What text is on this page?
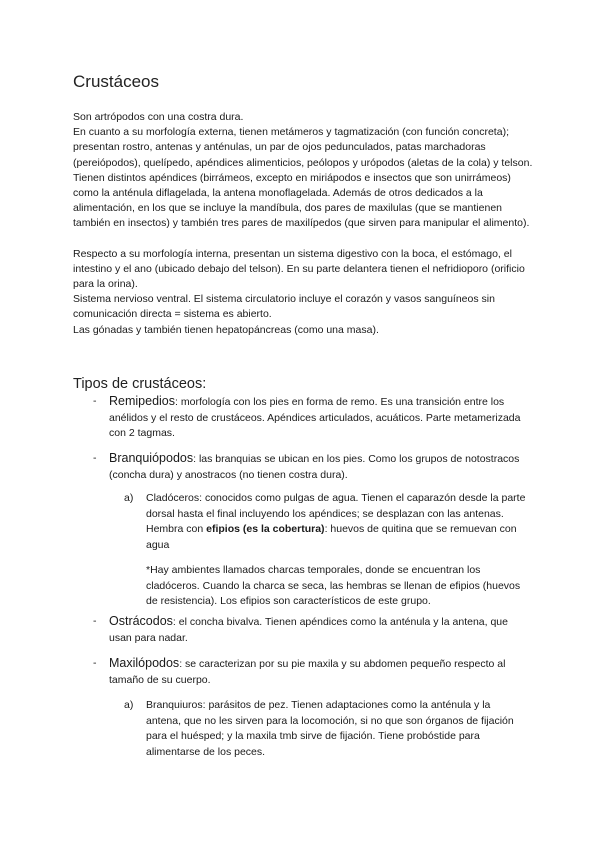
Crustáceos

Son artrópodos con una costra dura.

En cuanto a su morfología externa, tienen metámeros y tagmatización (con función concreta); presentan rostro, antenas y anténulas, un par de ojos pedunculados, patas marchadoras (pereiópodos), quelípedo, apéndices alimenticios, peólopos y urópodos (aletas de la cola) y telson.

Tienen distintos apéndices (birrámeos, excepto en miriápodos e insectos que son unirrámeos) como la anténula diflagelada, la antena monoflagelada. Además de otros dedicados a la alimentación, en los que se incluye la mandíbula, dos pares de maxilulas (que se mantienen también en insectos) y también tres pares de maxilípedos (que sirven para manipular el alimento).

Respecto a su morfología interna, presentan un sistema digestivo con la boca, el estómago, el intestino y el ano (ubicado debajo del telson). En su parte delantera tienen el nefridioporo (orificio para la orina).

Sistema nervioso ventral. El sistema circulatorio incluye el corazón y vasos sanguíneos sin comunicación directa = sistema es abierto.

Las gónadas y también tienen hepatopáncreas (como una masa).

Tipos de crustáceos:
-	Remipedios: morfología con los pies en forma de remo. Es una transición entre los anélidos y el resto de crustáceos. Apéndices articulados, acuáticos. Parte metamerizada con 2 tagmas.
-	Branquiópodos: las branquias se ubican en los pies. Como los grupos de notostracos (concha dura) y anostracos (no tienen costra dura).
a) Cladóceros: conocidos como pulgas de agua. Tienen el caparazón desde la parte dorsal hasta el final incluyendo los apéndices; se desplazan con las antenas. Hembra con efipios (es la cobertura): huevos de quitina que se remuevan con agua

*Hay ambientes llamados charcas temporales, donde se encuentran los cladóceros. Cuando la charca se seca, las hembras se llenan de efipios (huevos de resistencia). Los efipios son característicos de este grupo.

-	Ostrácodos: el concha bivalva. Tienen apéndices como la anténula y la antena, que usan para nadar.
-	Maxilópodos: se caracterizan por su pie maxila y su abdomen pequeño respecto al tamaño de su cuerpo.
a) Branquiuros: parásitos de pez. Tienen adaptaciones como la anténula y la antena, que no les sirven para la locomoción, si no que son órganos de fijación para el huésped; y la maxila tmb sirve de fijación. Tiene probóstide para alimentarse de los peces.
